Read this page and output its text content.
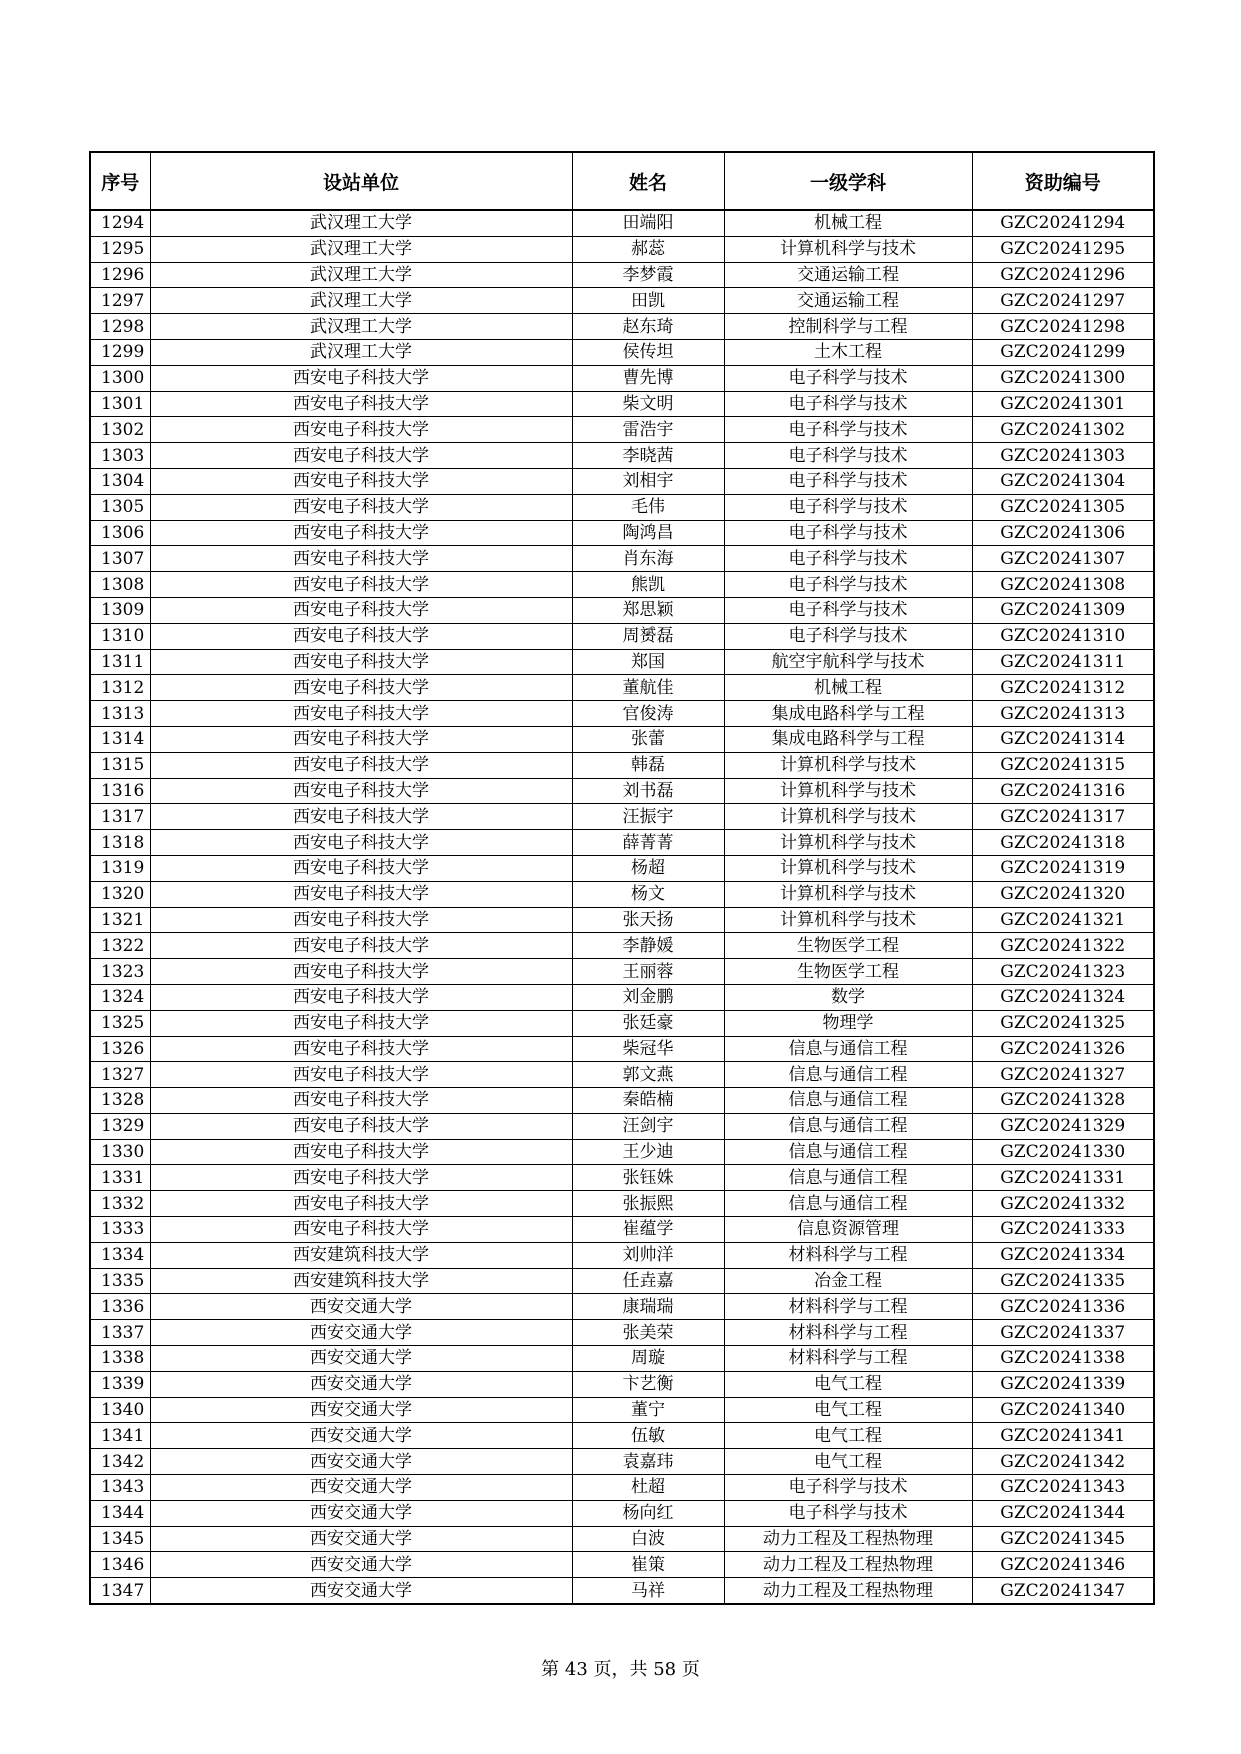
序号	设站单位	姓名	一级学科	资助编号
1294	武汉理工大学	田端阳	机械工程	GZC20241294
1295	武汉理工大学	郝蕊	计算机科学与技术	GZC20241295
1296	武汉理工大学	李梦霞	交通运输工程	GZC20241296
1297	武汉理工大学	田凯	交通运输工程	GZC20241297
1298	武汉理工大学	赵东琦	控制科学与工程	GZC20241298
1299	武汉理工大学	侯传坦	土木工程	GZC20241299
1300	西安电子科技大学	曹先博	电子科学与技术	GZC20241300
1301	西安电子科技大学	柴文明	电子科学与技术	GZC20241301
1302	西安电子科技大学	雷浩宇	电子科学与技术	GZC20241302
1303	西安电子科技大学	李晓茜	电子科学与技术	GZC20241303
1304	西安电子科技大学	刘相宇	电子科学与技术	GZC20241304
1305	西安电子科技大学	毛伟	电子科学与技术	GZC20241305
1306	西安电子科技大学	陶鸿昌	电子科学与技术	GZC20241306
1307	西安电子科技大学	肖东海	电子科学与技术	GZC20241307
1308	西安电子科技大学	熊凯	电子科学与技术	GZC20241308
1309	西安电子科技大学	郑思颖	电子科学与技术	GZC20241309
1310	西安电子科技大学	周赟磊	电子科学与技术	GZC20241310
1311	西安电子科技大学	郑国	航空宇航科学与技术	GZC20241311
1312	西安电子科技大学	董航佳	机械工程	GZC20241312
1313	西安电子科技大学	官俊涛	集成电路科学与工程	GZC20241313
1314	西安电子科技大学	张蕾	集成电路科学与工程	GZC20241314
1315	西安电子科技大学	韩磊	计算机科学与技术	GZC20241315
1316	西安电子科技大学	刘书磊	计算机科学与技术	GZC20241316
1317	西安电子科技大学	汪振宇	计算机科学与技术	GZC20241317
1318	西安电子科技大学	薛菁菁	计算机科学与技术	GZC20241318
1319	西安电子科技大学	杨超	计算机科学与技术	GZC20241319
1320	西安电子科技大学	杨文	计算机科学与技术	GZC20241320
1321	西安电子科技大学	张天扬	计算机科学与技术	GZC20241321
1322	西安电子科技大学	李静媛	生物医学工程	GZC20241322
1323	西安电子科技大学	王丽蓉	生物医学工程	GZC20241323
1324	西安电子科技大学	刘金鹏	数学	GZC20241324
1325	西安电子科技大学	张廷豪	物理学	GZC20241325
1326	西安电子科技大学	柴冠华	信息与通信工程	GZC20241326
1327	西安电子科技大学	郭文燕	信息与通信工程	GZC20241327
1328	西安电子科技大学	秦皓楠	信息与通信工程	GZC20241328
1329	西安电子科技大学	汪剑宇	信息与通信工程	GZC20241329
1330	西安电子科技大学	王少迪	信息与通信工程	GZC20241330
1331	西安电子科技大学	张钰姝	信息与通信工程	GZC20241331
1332	西安电子科技大学	张振熙	信息与通信工程	GZC20241332
1333	西安电子科技大学	崔蕴学	信息资源管理	GZC20241333
1334	西安建筑科技大学	刘帅洋	材料科学与工程	GZC20241334
1335	西安建筑科技大学	任垚嘉	冶金工程	GZC20241335
1336	西安交通大学	康瑞瑞	材料科学与工程	GZC20241336
1337	西安交通大学	张美荣	材料科学与工程	GZC20241337
1338	西安交通大学	周璇	材料科学与工程	GZC20241338
1339	西安交通大学	卞艺衡	电气工程	GZC20241339
1340	西安交通大学	董宁	电气工程	GZC20241340
1341	西安交通大学	伍敏	电气工程	GZC20241341
1342	西安交通大学	袁嘉玮	电气工程	GZC20241342
1343	西安交通大学	杜超	电子科学与技术	GZC20241343
1344	西安交通大学	杨向红	电子科学与技术	GZC20241344
1345	西安交通大学	白波	动力工程及工程热物理	GZC20241345
1346	西安交通大学	崔策	动力工程及工程热物理	GZC20241346
1347	西安交通大学	马祥	动力工程及工程热物理	GZC20241347
第 43 页，共 58 页
